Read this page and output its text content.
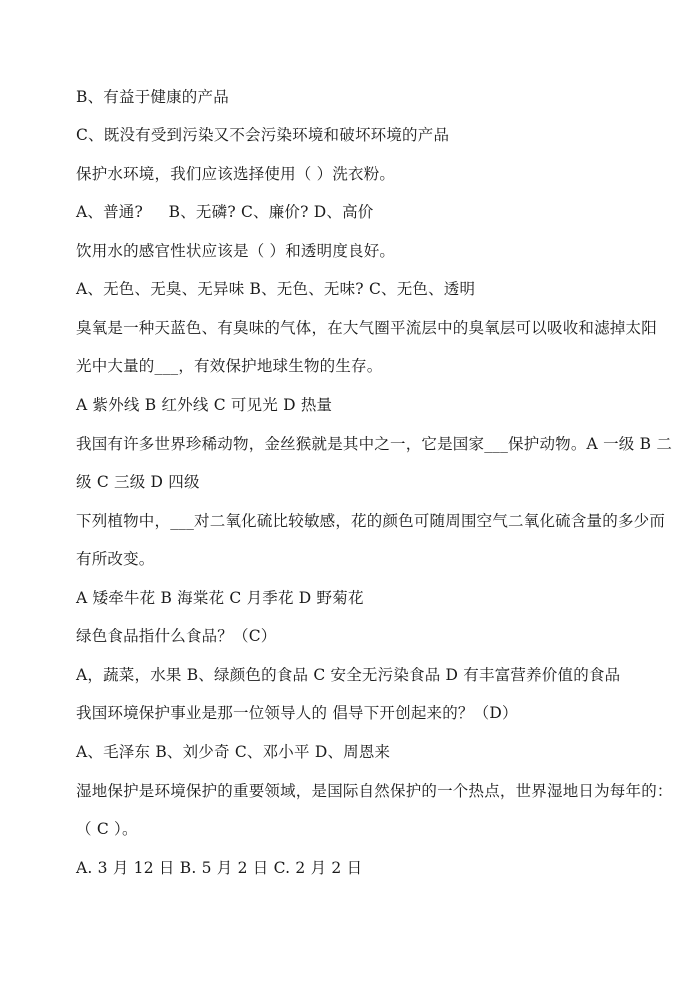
B、有益于健康的产品
C、既没有受到污染又不会污染环境和破坏环境的产品
保护水环境，我们应该选择使用（ ）洗衣粉。
A、普通?     B、无磷? C、廉价? D、高价
饮用水的感官性状应该是（ ）和透明度良好。
A、无色、无臭、无异味 B、无色、无味? C、无色、透明
臭氧是一种天蓝色、有臭味的气体，在大气圈平流层中的臭氧层可以吸收和滤掉太阳
光中大量的___，有效保护地球生物的生存。
A 紫外线 B 红外线 C 可见光 D 热量
我国有许多世界珍稀动物，金丝猴就是其中之一，它是国家___保护动物。A 一级 B 二
级 C 三级 D 四级
下列植物中，___对二氧化硫比较敏感，花的颜色可随周围空气二氧化硫含量的多少而
有所改变。
A 矮牵牛花 B 海棠花 C 月季花 D 野菊花
绿色食品指什么食品？（C）
A，蔬菜，水果 B、绿颜色的食品 C 安全无污染食品 D 有丰富营养价值的食品
我国环境保护事业是那一位领导人的 倡导下开创起来的？（D）
A、毛泽东 B、刘少奇 C、邓小平 D、周恩来
湿地保护是环境保护的重要领域，是国际自然保护的一个热点，世界湿地日为每年的：
（ C ）。
A. 3 月 12 日 B. 5 月 2 日 C. 2 月 2 日
